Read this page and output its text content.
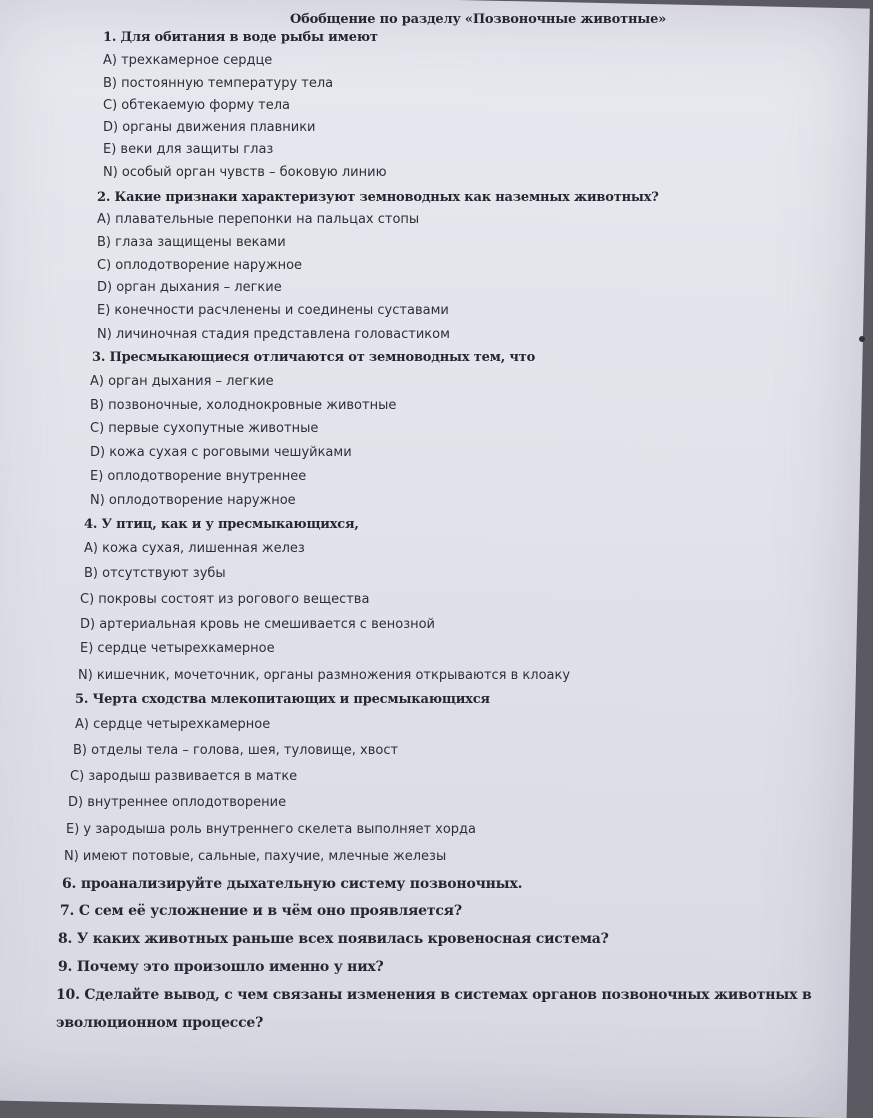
Обобщение по разделу «Позвоночные животные»
1. Для обитания в воде рыбы имеют
А) трехкамерное сердце
В) постоянную температуру тела
С) обтекаемую форму тела
D) органы движения плавники
Е) веки для защиты глаз
N) особый орган чувств – боковую линию
2. Какие признаки характеризуют земноводных как наземных животных?
А) плавательные перепонки на пальцах стопы
В) глаза защищены веками
С) оплодотворение наружное
D) орган дыхания – легкие
Е) конечности расчленены и соединены суставами
N) личиночная стадия представлена головастиком
3. Пресмыкающиеся отличаются от земноводных тем, что
А) орган дыхания – легкие
В) позвоночные, холоднокровные животные
С) первые сухопутные животные
D) кожа сухая с роговыми чешуйками
Е) оплодотворение внутреннее
N) оплодотворение наружное
4. У птиц, как и у пресмыкающихся,
А) кожа сухая, лишенная желез
В) отсутствуют зубы
С) покровы состоят из рогового вещества
D) артериальная кровь не смешивается с венозной
Е) сердце четырехкамерное
N) кишечник, мочеточник, органы размножения открываются в клоаку
5. Черта сходства млекопитающих и пресмыкающихся
А) сердце четырехкамерное
В) отделы тела – голова, шея, туловище, хвост
С) зародыш развивается в матке
D) внутреннее оплодотворение
Е) у зародыша роль внутреннего скелета выполняет хорда
N) имеют потовые, сальные, пахучие, млечные железы
6. проанализируйте дыхательную систему позвоночных.
7. С сем её усложнение и в чём оно проявляется?
8. У каких животных раньше всех появилась кровеносная система?
9. Почему это произошло именно у них?
10. Сделайте вывод, с чем связаны изменения в системах органов позвоночных животных в
эволюционном процессе?
